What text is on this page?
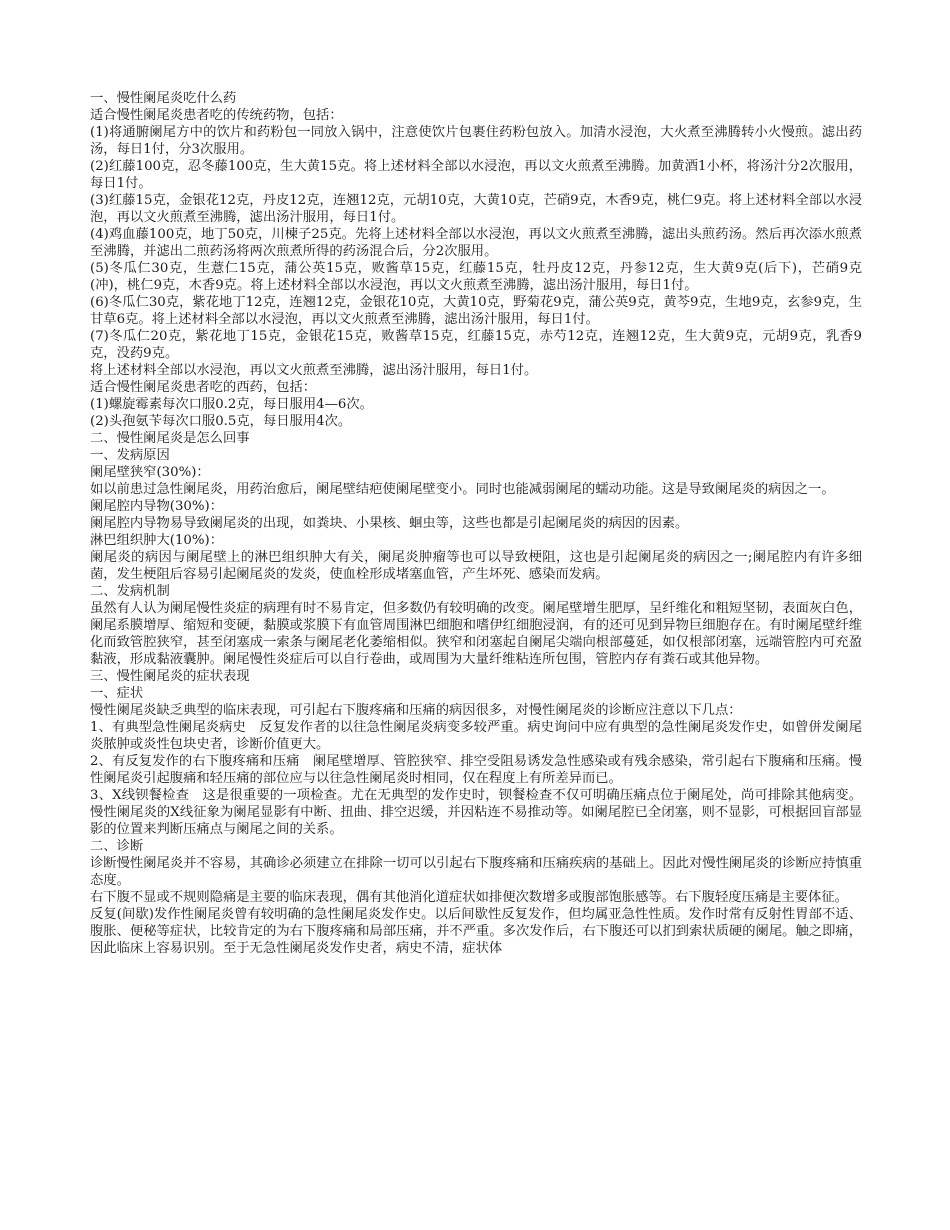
一、慢性阑尾炎吃什么药

适合慢性阑尾炎患者吃的传统药物，包括：

(1)将通腑阑尾方中的饮片和药粉包一同放入锅中，注意使饮片包裹住药粉包放入。加清水浸泡，大火煮至沸腾转小火慢煎。滤出药汤，每日1付，分3次服用。

(2)红藤100克，忍冬藤100克，生大黄15克。将上述材料全部以水浸泡，再以文火煎煮至沸腾。加黄酒1小杯，将汤汁分2次服用，每日1付。

(3)红藤15克，金银花12克，丹皮12克，连翘12克，元胡10克，大黄10克，芒硝9克，木香9克，桃仁9克。将上述材料全部以水浸泡，再以文火煎煮至沸腾，滤出汤汁服用，每日1付。

(4)鸡血藤100克，地丁50克，川楝子25克。先将上述材料全部以水浸泡，再以文火煎煮至沸腾，滤出头煎药汤。然后再次添水煎煮至沸腾，并滤出二煎药汤将两次煎煮所得的药汤混合后，分2次服用。

(5)冬瓜仁30克，生薏仁15克，蒲公英15克，败酱草15克，红藤15克，牡丹皮12克，丹参12克，生大黄9克(后下)，芒硝9克(冲)，桃仁9克，木香9克。将上述材料全部以水浸泡，再以文火煎煮至沸腾，滤出汤汁服用，每日1付。

(6)冬瓜仁30克，紫花地丁12克，连翘12克，金银花10克，大黄10克，野菊花9克，蒲公英9克，黄芩9克，生地9克，玄参9克，生甘草6克。将上述材料全部以水浸泡，再以文火煎煮至沸腾，滤出汤汁服用，每日1付。

(7)冬瓜仁20克，紫花地丁15克，金银花15克，败酱草15克，红藤15克，赤芍12克，连翘12克，生大黄9克，元胡9克，乳香9克，没药9克。

将上述材料全部以水浸泡，再以文火煎煮至沸腾，滤出汤汁服用，每日1付。

适合慢性阑尾炎患者吃的西药，包括：

(1)螺旋霉素每次口服0.2克，每日服用4—6次。

(2)头孢氨苄每次口服0.5克，每日服用4次。

二、慢性阑尾炎是怎么回事

一、发病原因

阑尾壁狭窄(30%)：

如以前患过急性阑尾炎，用药治愈后，阑尾壁结疤使阑尾壁变小。同时也能减弱阑尾的蠕动功能。这是导致阑尾炎的病因之一。

阑尾腔内导物(30%)：

阑尾腔内导物易导致阑尾炎的出现，如粪块、小果核、蛔虫等，这些也都是引起阑尾炎的病因的因素。

淋巴组织肿大(10%)：

阑尾炎的病因与阑尾壁上的淋巴组织肿大有关，阑尾炎肿瘤等也可以导致梗阻，这也是引起阑尾炎的病因之一;阑尾腔内有许多细菌，发生梗阻后容易引起阑尾炎的发炎，使血栓形成堵塞血管，产生坏死、感染而发病。

二、发病机制

虽然有人认为阑尾慢性炎症的病理有时不易肯定，但多数仍有较明确的改变。阑尾壁增生肥厚，呈纤维化和粗短坚韧，表面灰白色，阑尾系膜增厚、缩短和变硬，黏膜或浆膜下有血管周围淋巴细胞和嗜伊红细胞浸润，有的还可见到异物巨细胞存在。有时阑尾壁纤维化而致管腔狭窄，甚至闭塞成一索条与阑尾老化萎缩相似。狭窄和闭塞起自阑尾尖端向根部蔓延，如仅根部闭塞，远端管腔内可充盈黏液，形成黏液囊肿。阑尾慢性炎症后可以自行卷曲，或周围为大量纤维粘连所包围，管腔内存有粪石或其他异物。

三、慢性阑尾炎的症状表现

一、症状

慢性阑尾炎缺乏典型的临床表现，可引起右下腹疼痛和压痛的病因很多，对慢性阑尾炎的诊断应注意以下几点：

1、有典型急性阑尾炎病史　反复发作者的以往急性阑尾炎病变多较严重。病史询问中应有典型的急性阑尾炎发作史，如曾併发阑尾炎脓肿或炎性包块史者，诊断价值更大。

2、有反复发作的右下腹疼痛和压痛　阑尾壁增厚、管腔狭窄、排空受阻易诱发急性感染或有残余感染，常引起右下腹痛和压痛。慢性阑尾炎引起腹痛和轻压痛的部位应与以往急性阑尾炎时相同，仅在程度上有所差异而已。

3、X线钡餐检查　这是很重要的一项检查。尤在无典型的发作史时，钡餐检查不仅可明确压痛点位于阑尾处，尚可排除其他病变。慢性阑尾炎的X线征象为阑尾显影有中断、扭曲、排空迟缓，并因粘连不易推动等。如阑尾腔已全闭塞，则不显影，可根据回盲部显影的位置来判断压痛点与阑尾之间的关系。

二、诊断

诊断慢性阑尾炎并不容易，其确诊必须建立在排除一切可以引起右下腹疼痛和压痛疾病的基础上。因此对慢性阑尾炎的诊断应持慎重态度。

右下腹不显或不规则隐痛是主要的临床表现，偶有其他消化道症状如排便次数增多或腹部饱胀感等。右下腹轻度压痛是主要体征。

反复(间歇)发作性阑尾炎曾有较明确的急性阑尾炎发作史。以后间歇性反复发作，但均属亚急性性质。发作时常有反射性胃部不适、腹胀、便秘等症状，比较肯定的为右下腹疼痛和局部压痛，并不严重。多次发作后，右下腹还可以扪到索状质硬的阑尾。触之即痛，因此临床上容易识别。至于无急性阑尾炎发作史者，病史不清，症状体
